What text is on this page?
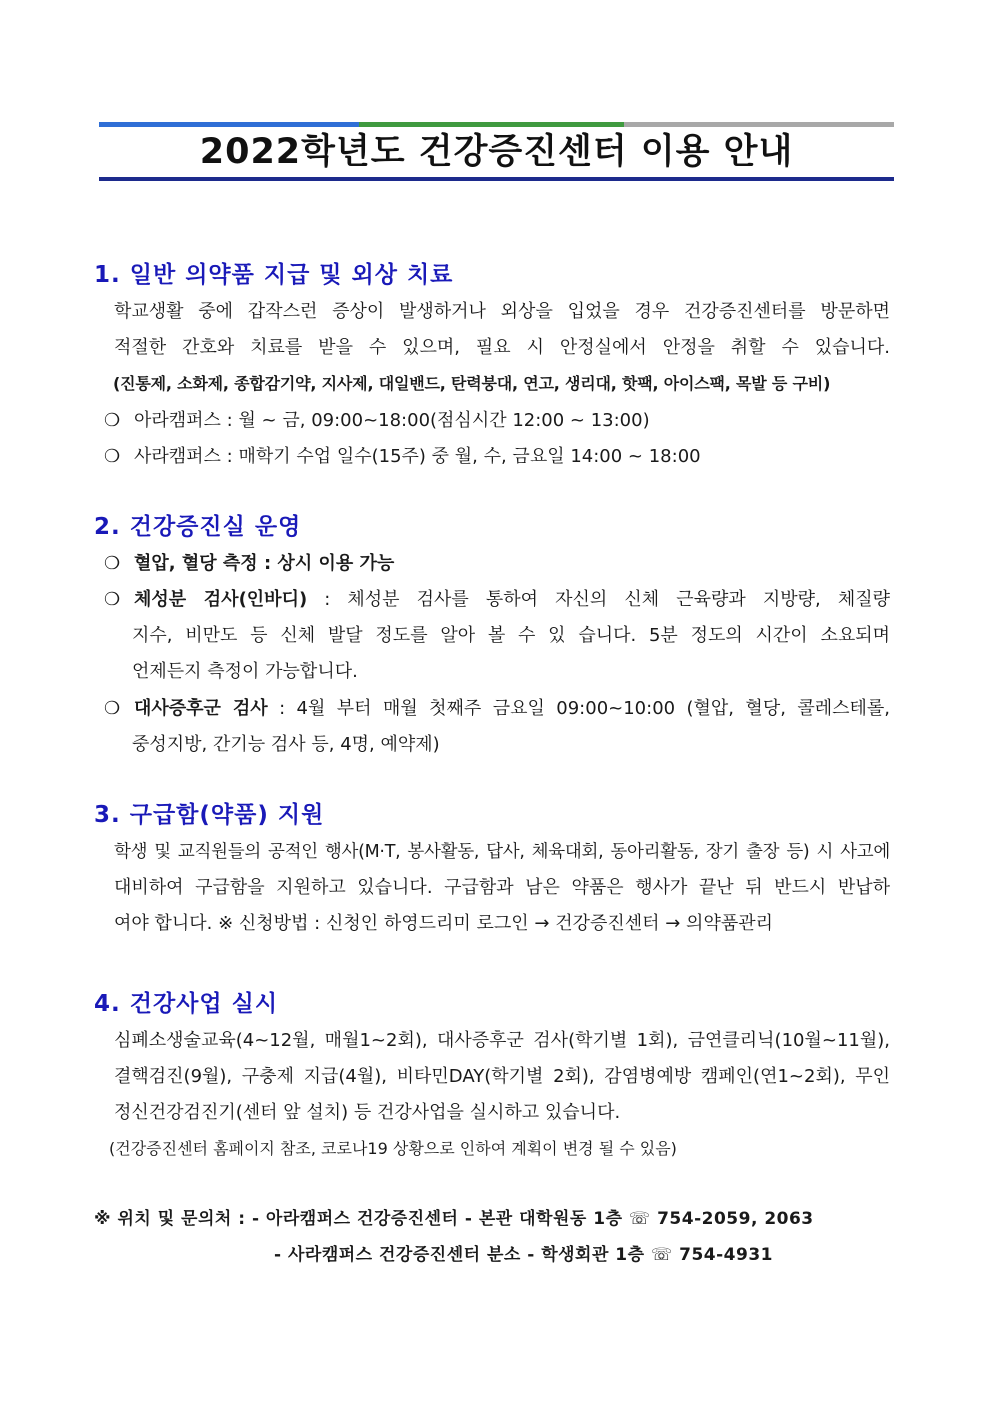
2022학년도 건강증진센터 이용 안내
1. 일반 의약품 지급 및 외상 치료
학교생활 중에 갑작스런 증상이 발생하거나 외상을 입었을 경우 건강증진센터를 방문하면
적절한 간호와 치료를 받을 수 있으며, 필요 시 안정실에서 안정을 취할 수 있습니다.
(진통제, 소화제, 종합감기약, 지사제, 대일밴드, 탄력붕대, 연고, 생리대, 핫팩, 아이스팩, 목발 등 구비)
❍ 아라캠퍼스 : 월 ~ 금, 09:00~18:00(점심시간 12:00 ~ 13:00)
❍ 사라캠퍼스 : 매학기 수업 일수(15주) 중 월, 수, 금요일 14:00 ~ 18:00
2. 건강증진실 운영
❍ 혈압, 혈당 측정 : 상시 이용 가능
❍ 체성분 검사(인바디) : 체성분 검사를 통하여 자신의 신체 근육량과 지방량, 체질량
지수, 비만도 등 신체 발달 정도를 알아 볼 수 있 습니다. 5분 정도의 시간이 소요되며
언제든지 측정이 가능합니다.
❍ 대사증후군 검사 : 4월 부터 매월 첫째주 금요일 09:00~10:00 (혈압, 혈당, 콜레스테롤,
중성지방, 간기능 검사 등, 4명, 예약제)
3. 구급함(약품) 지원
학생 및 교직원들의 공적인 행사(M·T, 봉사활동, 답사, 체육대회, 동아리활동, 장기 출장 등) 시 사고에
대비하여 구급함을 지원하고 있습니다. 구급함과 남은 약품은 행사가 끝난 뒤 반드시 반납하
여야 합니다. ※ 신청방법 : 신청인 하영드리미 로그인 → 건강증진센터 → 의약품관리
4. 건강사업 실시
심폐소생술교육(4~12월, 매월1~2회), 대사증후군 검사(학기별 1회), 금연클리닉(10월~11월),
결핵검진(9월), 구충제 지급(4월), 비타민DAY(학기별 2회), 감염병예방 캠페인(연1~2회), 무인
정신건강검진기(센터 앞 설치) 등 건강사업을 실시하고 있습니다.
(건강증진센터 홈페이지 참조, 코로나19 상황으로 인하여 계획이 변경 될 수 있음)
※ 위치 및 문의처 : - 아라캠퍼스 건강증진센터 - 본관 대학원동 1층 ☏ 754-2059, 2063
- 사라캠퍼스 건강증진센터 분소 - 학생회관 1층 ☏ 754-4931
